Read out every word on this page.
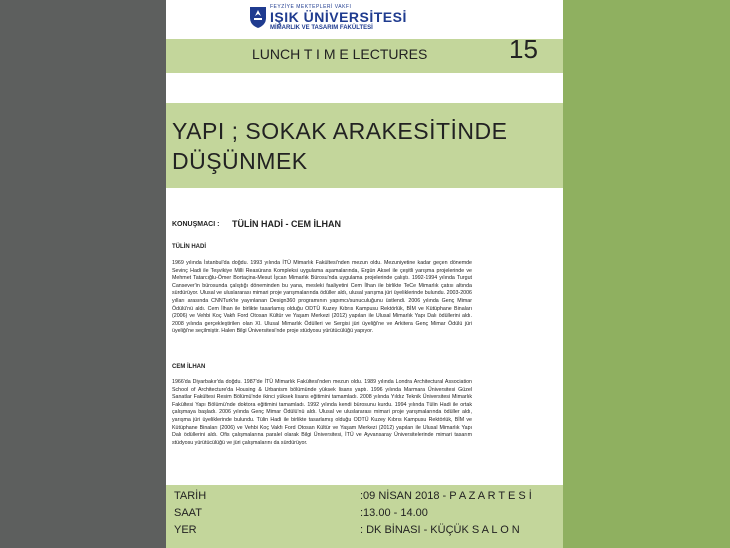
FEYZİYE MEKTEPLERİ VAKFI
IŞIK ÜNİVERSİTESİ
MİMARLIK VE TASARIM FAKÜLTESİ
LUNCH T I M E LECTURES	15
YAPI ; SOKAK ARAKESİTİNDE
DÜŞÜNMEK
KONUŞMACI : TÜLİN HADİ - CEM İLHAN
TÜLİN HADİ
1969 yılında İstanbul'da doğdu. 1993 yılında İTÜ Mimarlık Fakültesi'nden mezun oldu. Mezuniyetine kadar geçen dönemde Sevinç Hadi ile Teşvikiye Milli Reasürans Kompleksi uygulama aşamalarında, Ergün Aksel ile çeşitli yarışma projelerinde ve Mehmet Tatarcığlu-Ömer Bortaçina-Mesut İşcan Mimarlık Bürosu'nda uygulama projelerinde çalıştı. 1992-1994 yılında Turgut Cansever'in bürosunda çalıştığı döneminden bu yana, mesleki faaliyetini Cem İlhan ile birlikte TeCe Mimarlık çatısı altında sürdürüyor. Ulusal ve uluslararası mimari proje yarışmalarında ödüller aldı, ulusal yarışma jüri üyeliklerinde bulundu. 2003-2006 yılları arasında CNNTurk'te yayınlanan Design360 programının yapımcı/sunuculuğunu üstlendi. 2006 yılında Genç Mimar Ödülü'nü aldı. Cem İlhan ile birlikte tasarlamış olduğu ODTÜ Kuzey Kıbrıs Kampusu Rektörlük, BİM ve Kütüphane Binaları (2006) ve Vehbi Koç Vakfı Ford Otosan Kültür ve Yaşam Merkezi (2012) yapıları ile Ulusal Mimarlık Yapı Dalı ödüllerini aldı. 2008 yılında gerçekleştirilen olan XI. Ulusal Mimarlık Ödülleri ve Sergisi jüri üyeliği'ne ve Arkitera Genç Mimar Ödülü jüri üyeliği'ne seçilmiştir. Halen Bilgi Üniversitesi'nde proje stüdyosu yürütücülüğü yapıyor.
CEM İLHAN
1966'da Diyarbakır'da doğdu. 1987'de İTÜ Mimarlık Fakültesi'nden mezun oldu. 1989 yılında Londra Architectural Association School of Architecture'da Housing & Urbanism bölümünde yüksek lisans yaptı. 1996 yılında Marmara Üniversitesi Güzel Sanatlar Fakültesi Resim Bölümü'nde ikinci yüksek lisans eğitimini tamamladı. 2008 yılında Yıldız Teknik Üniversitesi Mimarlık Fakültesi Yapı Bölümü'nde doktora eğitimini tamamladı. 1992 yılında kendi bürosunu kurdu. 1994 yılında Tülin Hadi ile ortak çalışmaya başladı. 2006 yılında Genç Mimar Ödülü'nü aldı. Ulusal ve uluslararası mimari proje yarışmalarında ödüller aldı, yarışma jüri üyeliklerinde bulundu. Tülin Hadi ile birlikte tasarlamış olduğu ODTÜ Kuzey Kıbrıs Kampusu Rektörlük, BİM ve Kütüphane Binaları (2006) ve Vehbi Koç Vakfı Ford Otosan Kültür ve Yaşam Merkezi (2012) yapıları ile Ulusal Mimarlık Yapı Dalı ödüllerini aldı. Ofis çalışmalarına paralel olarak Bilgi Üniversitesi, İTÜ ve Ayvansaray Üniversitelerinde mimari tasarım stüdyosu yürütücülüğü ve jüri çalışmalarını da sürdürüyor.
TARİH	:09 NİSAN 2018 - P A Z A R T E S İ
SAAT	:13.00 - 14.00
YER	: DK BİNASI - KÜÇÜK S A L O N
